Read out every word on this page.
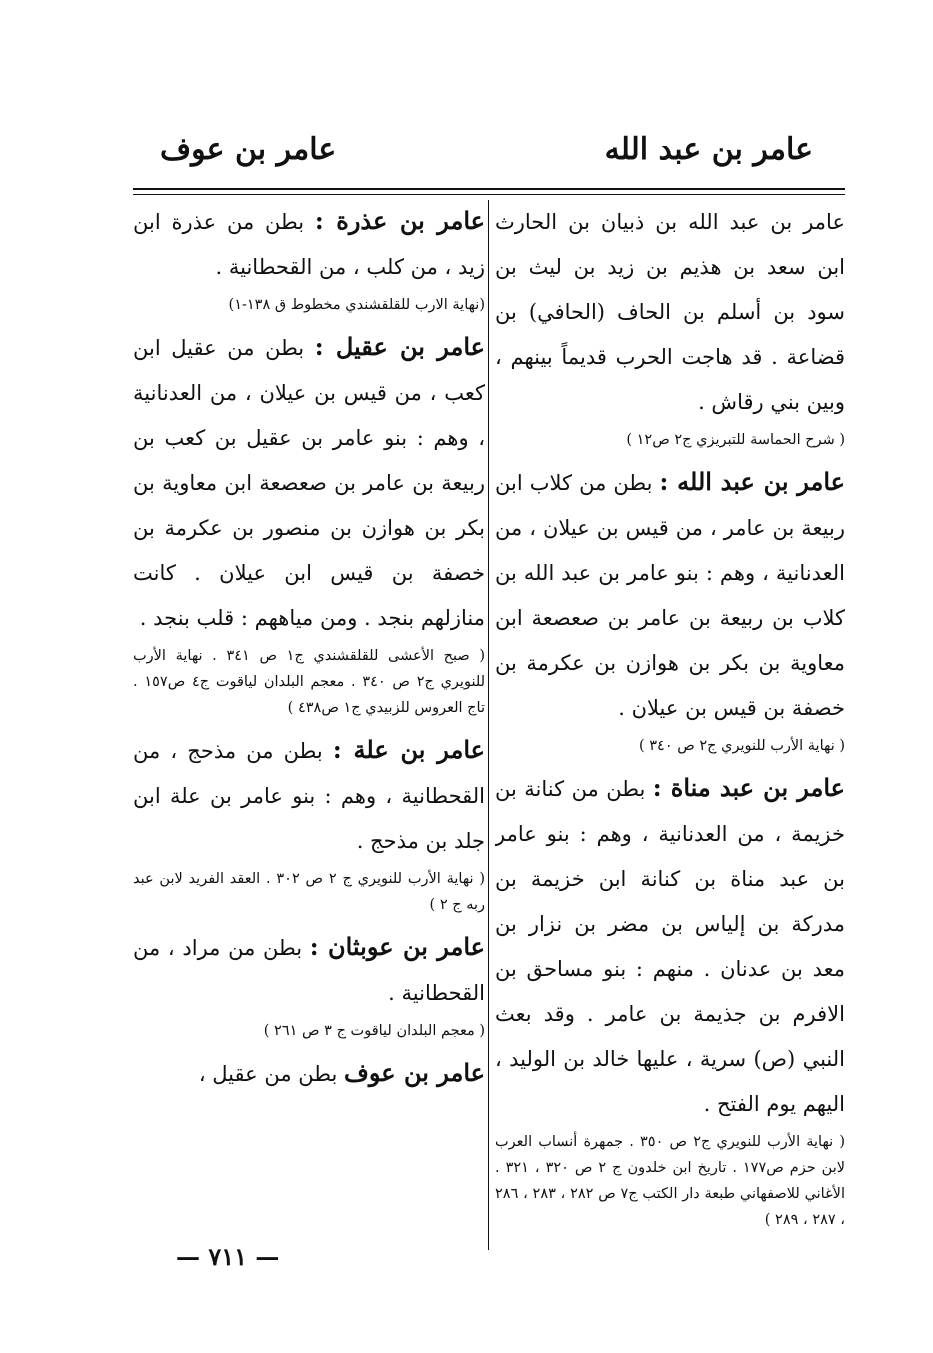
عامر بن عبد الله
عامر بن عوف

عامر بن عبد الله بن ذبيان بن الحارث ابن سعد بن هذيم بن زيد بن ليث بن سود بن أسلم بن الحاف (الحافي) بن قضاعة . قد هاجت الحرب قديماً بينهم ، وبين بني رقاش .

( شرح الحماسة للتبريزي ج٢ ص١٢ )

عامر بن عبد الله : بطن من كلاب ابن ربيعة بن عامر ، من قيس بن عيلان ، من العدنانية ، وهم : بنو عامر بن عبد الله بن كلاب بن ربيعة بن عامر بن صعصعة ابن معاوية بن بكر بن هوازن بن عكرمة بن خصفة بن قيس بن عيلان .

( نهاية الأرب للنويري ج٢ ص ٣٤٠ )

عامر بن عبد مناة : بطن من كنانة بن خزيمة ، من العدنانية ، وهم : بنو عامر بن عبد مناة بن كنانة ابن خزيمة بن مدركة بن إلياس بن مضر بن نزار بن معد بن عدنان . منهم : بنو مساحق بن الافرم بن جذيمة بن عامر . وقد بعث النبي (ص) سرية ، عليها خالد بن الوليد ، اليهم يوم الفتح .

( نهاية الأرب للنويري ج٢ ص ٣٥٠ . جمهرة أنساب العرب لابن حزم ص١٧٧ . تاريخ ابن خلدون ج ٢ ص ٣٢٠ ، ٣٢١ . الأغاني للاصفهاني طبعة دار الكتب ج٧ ص ٢٨٢ ، ٢٨٣ ، ٢٨٦ ، ٢٨٧ ، ٢٨٩ )

عامر بن عذرة : بطن من عذرة ابن زيد ، من كلب ، من القحطانية .

(نهاية الارب للقلقشندي مخطوط ق ١٣٨-١)

عامر بن عقيل : بطن من عقيل ابن كعب ، من قيس بن عيلان ، من العدنانية ، وهم : بنو عامر بن عقيل بن كعب بن ربيعة بن عامر بن صعصعة ابن معاوية بن بكر بن هوازن بن منصور بن عكرمة بن خصفة بن قيس ابن عيلان . كانت منازلهم بنجد . ومن مياههم : قلب بنجد .

( صبح الأعشى للقلقشندي ج١ ص ٣٤١ . نهاية الأرب للنويري ج٢ ص ٣٤٠ . معجم البلدان لياقوت ج٤ ص١٥٧ . تاج العروس للزبيدي ج١ ص٤٣٨ )

عامر بن علة : بطن من مذحج ، من القحطانية ، وهم : بنو عامر بن علة ابن جلد بن مذحج .

( نهاية الأرب للنويري ج ٢ ص ٣٠٢ . العقد الفريد لابن عبد ربه ج ٢ )

عامر بن عوبثان : بطن من مراد ، من القحطانية .

( معجم البلدان لياقوت ج ٣ ص ٢٦١ )

عامر بن عوف بطن من عقيل ،

— ٧١١ —
